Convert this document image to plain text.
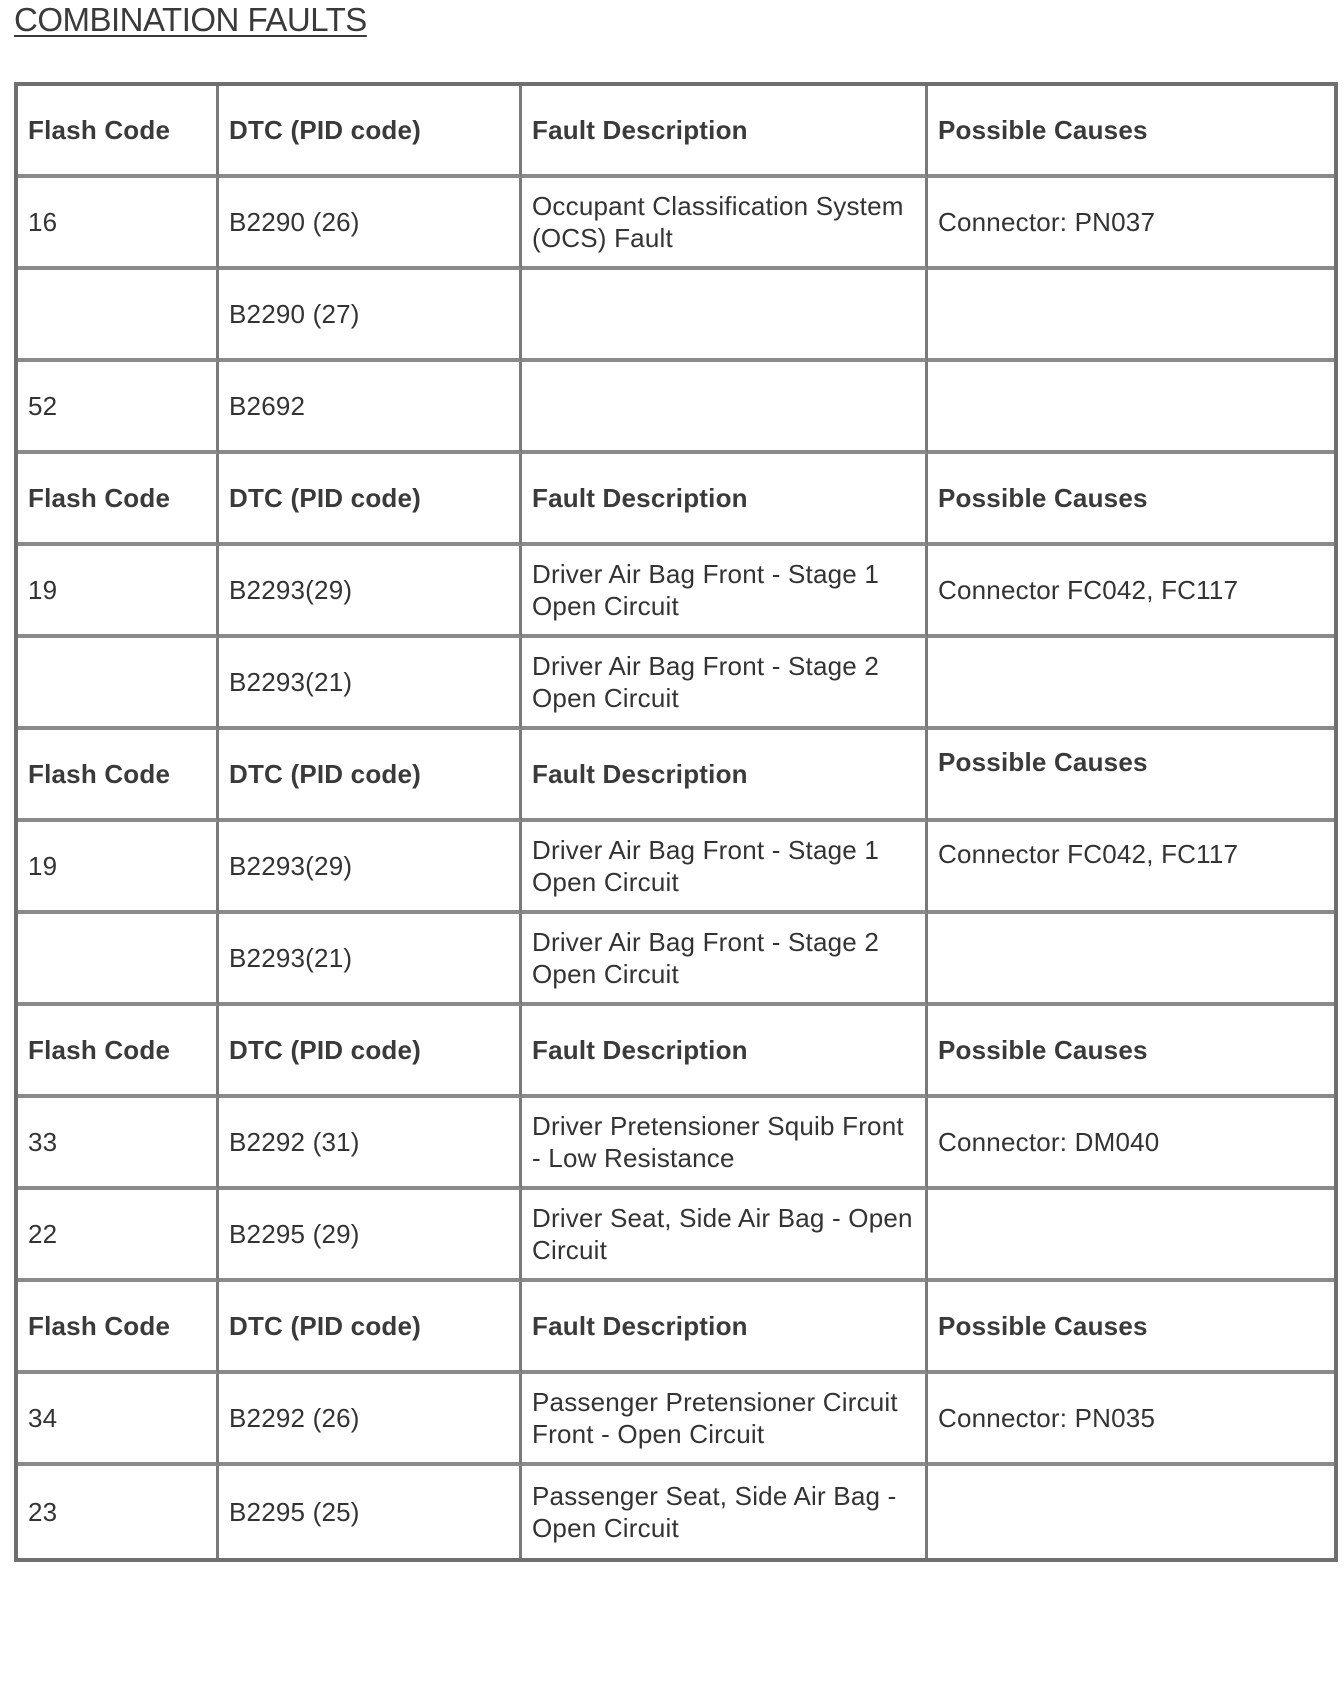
COMBINATION FAULTS
Flash Code	DTC (PID code)	Fault Description	Possible Causes
16	B2290 (26)	Occupant Classification System (OCS) Fault	Connector: PN037
	B2290 (27)		
52	B2692		
Flash Code	DTC (PID code)	Fault Description	Possible Causes
19	B2293(29)	Driver Air Bag Front - Stage 1 Open Circuit	Connector FC042, FC117
	B2293(21)	Driver Air Bag Front - Stage 2 Open Circuit	
Flash Code	DTC (PID code)	Fault Description	Possible Causes
19	B2293(29)	Driver Air Bag Front - Stage 1 Open Circuit	Connector FC042, FC117
	B2293(21)	Driver Air Bag Front - Stage 2 Open Circuit	
Flash Code	DTC (PID code)	Fault Description	Possible Causes
33	B2292 (31)	Driver Pretensioner Squib Front - Low Resistance	Connector: DM040
22	B2295 (29)	Driver Seat, Side Air Bag - Open Circuit	
Flash Code	DTC (PID code)	Fault Description	Possible Causes
34	B2292 (26)	Passenger Pretensioner Circuit Front - Open Circuit	Connector: PN035
23	B2295 (25)	Passenger Seat, Side Air Bag - Open Circuit	
